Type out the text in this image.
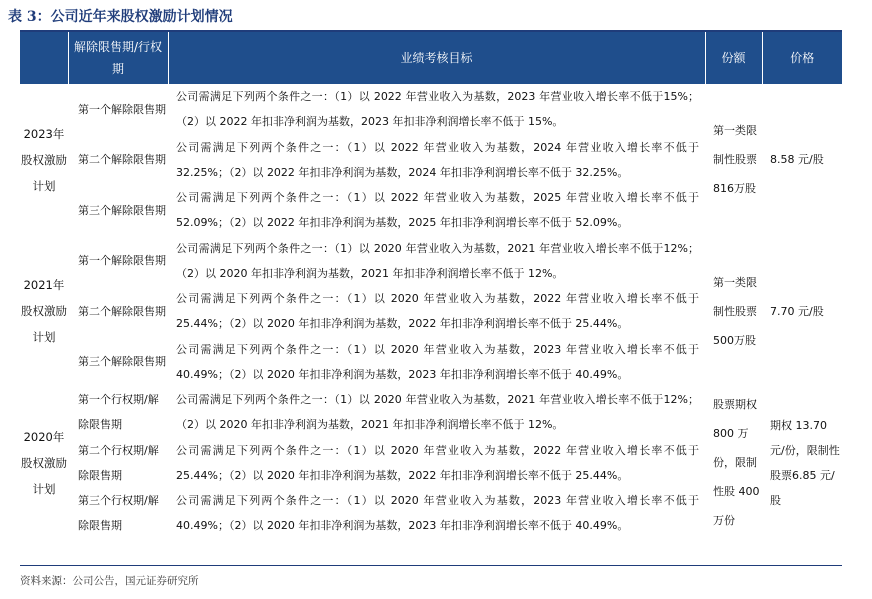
表 3：公司近年来股权激励计划情况
	解除限售期/行权期	业绩考核目标	份额	价格
2023年股权激励计划	第一个解除限售期	公司需满足下列两个条件之一：（1）以 2022 年营业收入为基数，2023 年营业收入增长率不低于15%；（2）以 2022 年扣非净利润为基数，2023 年扣非净利润增长率不低于 15%。	第一类限制性股票816万股	8.58 元/股
	第二个解除限售期	公司需满足下列两个条件之一：（1）以 2022 年营业收入为基数，2024 年营业收入增长率不低于32.25%；（2）以 2022 年扣非净利润为基数，2024 年扣非净利润增长率不低于 32.25%。		
	第三个解除限售期	公司需满足下列两个条件之一：（1）以 2022 年营业收入为基数，2025 年营业收入增长率不低于52.09%；（2）以 2022 年扣非净利润为基数，2025 年扣非净利润增长率不低于 52.09%。		
2021年股权激励计划	第一个解除限售期	公司需满足下列两个条件之一：（1）以 2020 年营业收入为基数，2021 年营业收入增长率不低于12%；（2）以 2020 年扣非净利润为基数，2021 年扣非净利润增长率不低于 12%。	第一类限制性股票500万股	7.70 元/股
	第二个解除限售期	公司需满足下列两个条件之一：（1）以 2020 年营业收入为基数，2022 年营业收入增长率不低于25.44%；（2）以 2020 年扣非净利润为基数，2022 年扣非净利润增长率不低于 25.44%。		
	第三个解除限售期	公司需满足下列两个条件之一：（1）以 2020 年营业收入为基数，2023 年营业收入增长率不低于40.49%；（2）以 2020 年扣非净利润为基数，2023 年扣非净利润增长率不低于 40.49%。		
2020年股权激励计划	第一个行权期/解除限售期	公司需满足下列两个条件之一：（1）以 2020 年营业收入为基数，2021 年营业收入增长率不低于12%；（2）以 2020 年扣非净利润为基数，2021 年扣非净利润增长率不低于 12%。	股票期权 800 万份，限制性股 400 万份	期权 13.70 元/份，限制性股票6.85 元/股
	第二个行权期/解除限售期	公司需满足下列两个条件之一：（1）以 2020 年营业收入为基数，2022 年营业收入增长率不低于25.44%；（2）以 2020 年扣非净利润为基数，2022 年扣非净利润增长率不低于 25.44%。		
	第三个行权期/解除限售期	公司需满足下列两个条件之一：（1）以 2020 年营业收入为基数，2023 年营业收入增长率不低于40.49%；（2）以 2020 年扣非净利润为基数，2023 年扣非净利润增长率不低于 40.49%。		
资料来源：公司公告，国元证券研究所
